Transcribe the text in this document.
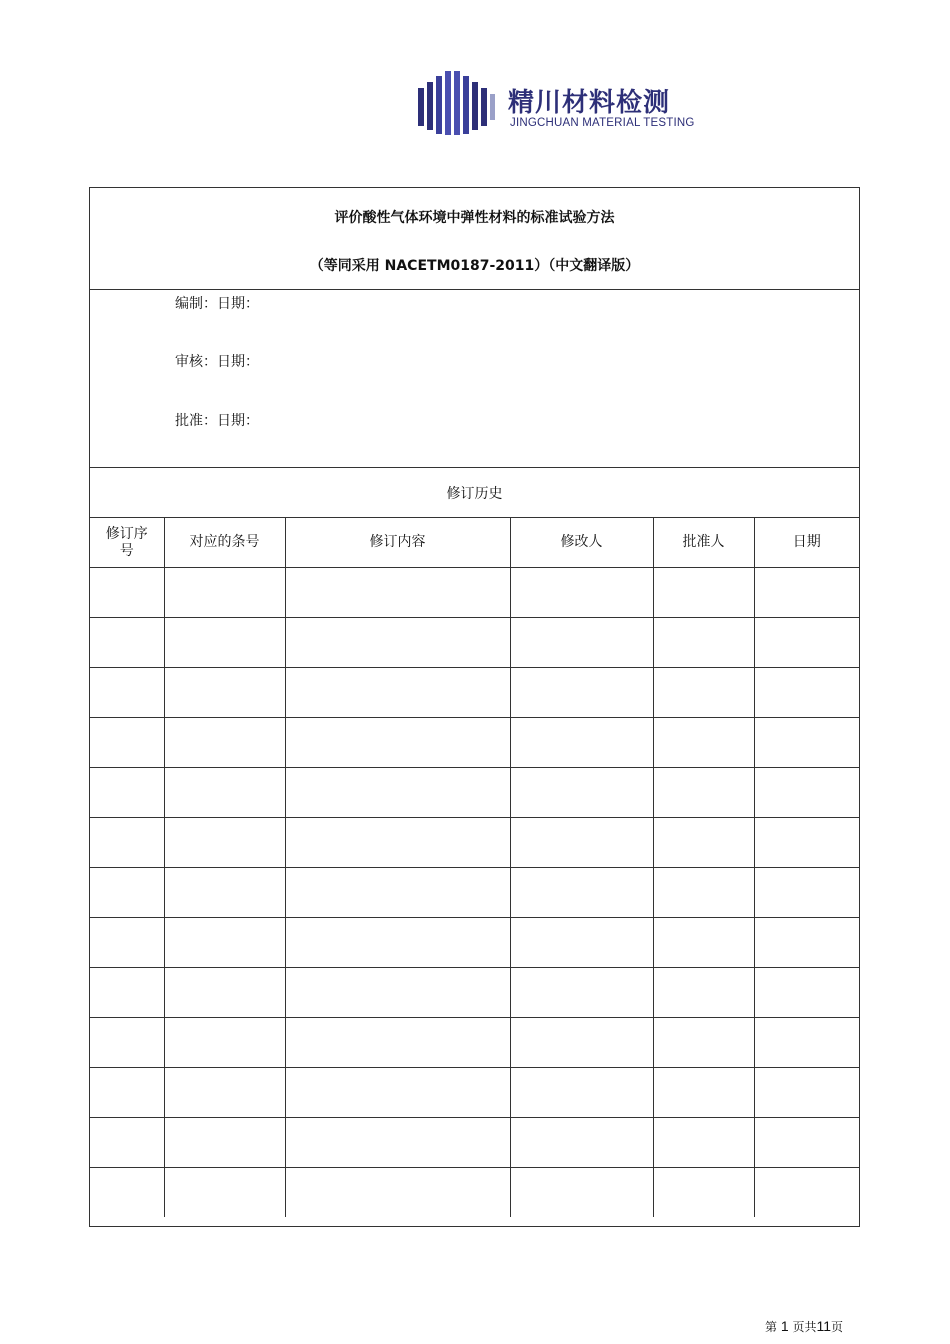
精川材料检测
JINGCHUAN MATERIAL TESTING
评价酸性气体环境中弹性材料的标准试验方法
（等同采用 NACETM0187-2011）（中文翻译版）
编制：日期：
审核：日期：
批准：日期：
修订历史
修订序号	对应的条号	修订内容	修改人	批准人	日期

第 1 页共11页
